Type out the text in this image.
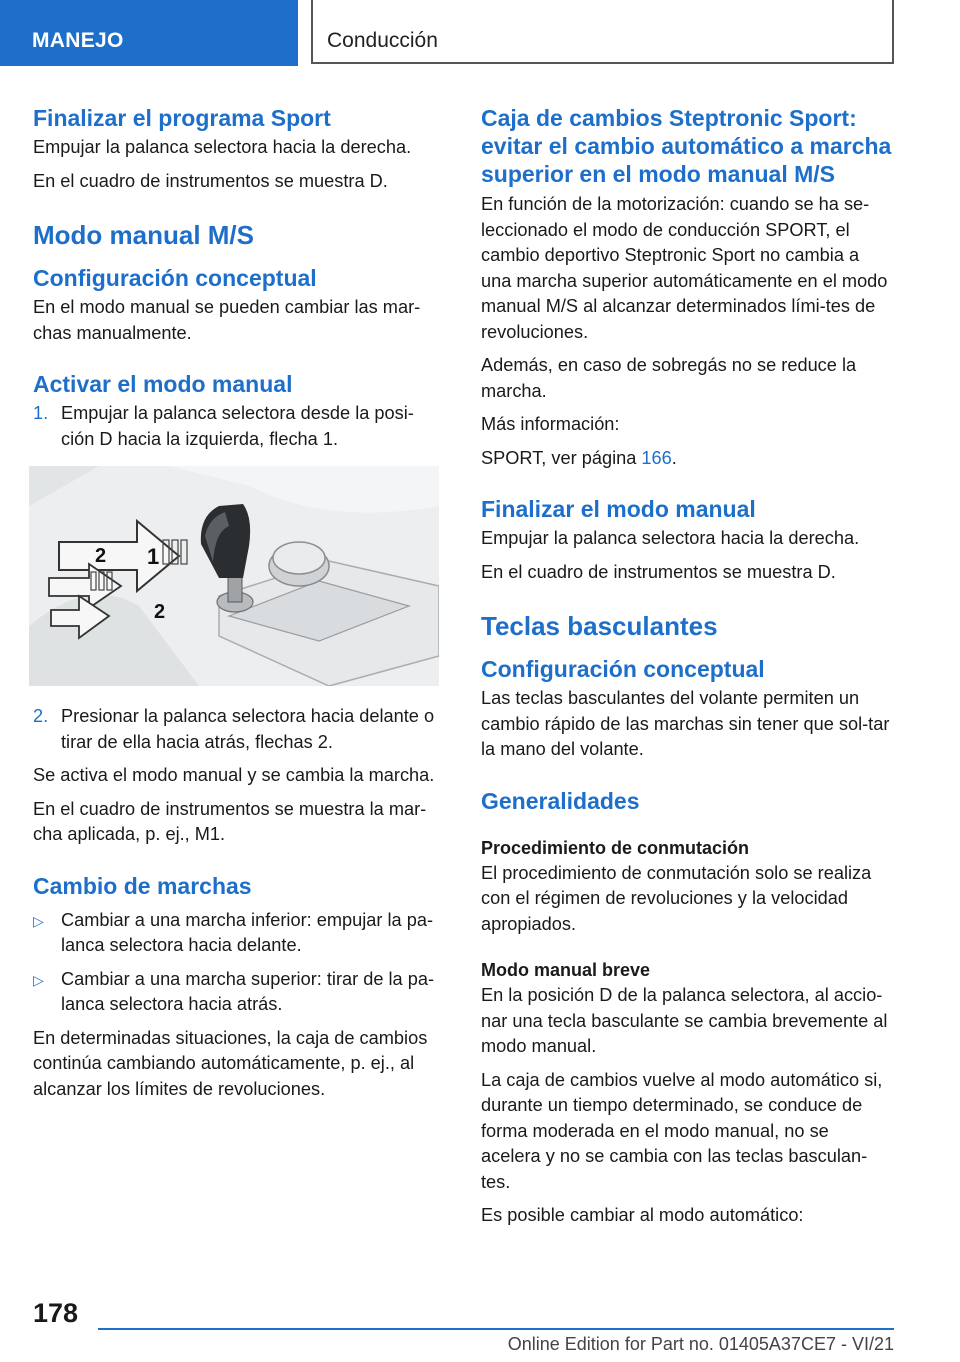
MANEJO	Conducción
Finalizar el programa Sport

Empujar la palanca selectora hacia la derecha.

En el cuadro de instrumentos se muestra D.

Modo manual M/S
Configuración conceptual

En el modo manual se pueden cambiar las mar‐chas manualmente.

Activar el modo manual
1. Empujar la palanca selectora desde la posi‐ción D hacia la izquierda, flecha 1.
1
2
2
2. Presionar la palanca selectora hacia delante o tirar de ella hacia atrás, flechas 2.

Se activa el modo manual y se cambia la marcha.

En el cuadro de instrumentos se muestra la mar‐cha aplicada, p. ej., M1.

Cambio de marchas
▷ Cambiar a una marcha inferior: empujar la pa‐lanca selectora hacia delante.
▷ Cambiar a una marcha superior: tirar de la pa‐lanca selectora hacia atrás.

En determinadas situaciones, la caja de cambios continúa cambiando automáticamente, p. ej., al alcanzar los límites de revoluciones.

Caja de cambios Steptronic Sport: evitar el cambio automático a marcha superior en el modo manual M/S

En función de la motorización: cuando se ha se‐leccionado el modo de conducción SPORT, el cambio deportivo Steptronic Sport no cambia a una marcha superior automáticamente en el modo manual M/S al alcanzar determinados lími‐tes de revoluciones.

Además, en caso de sobregás no se reduce la marcha.

Más información:

SPORT, ver página 166.

Finalizar el modo manual

Empujar la palanca selectora hacia la derecha.

En el cuadro de instrumentos se muestra D.

Teclas basculantes
Configuración conceptual

Las teclas basculantes del volante permiten un cambio rápido de las marchas sin tener que sol‐tar la mano del volante.

Generalidades
Procedimiento de conmutación

El procedimiento de conmutación solo se realiza con el régimen de revoluciones y la velocidad apropiados.

Modo manual breve

En la posición D de la palanca selectora, al accio‐nar una tecla basculante se cambia brevemente al modo manual.

La caja de cambios vuelve al modo automático si, durante un tiempo determinado, se conduce de forma moderada en el modo manual, no se acelera y no se cambia con las teclas basculan‐tes.

Es posible cambiar al modo automático:

178
Online Edition for Part no. 01405A37CE7 - VI/21
